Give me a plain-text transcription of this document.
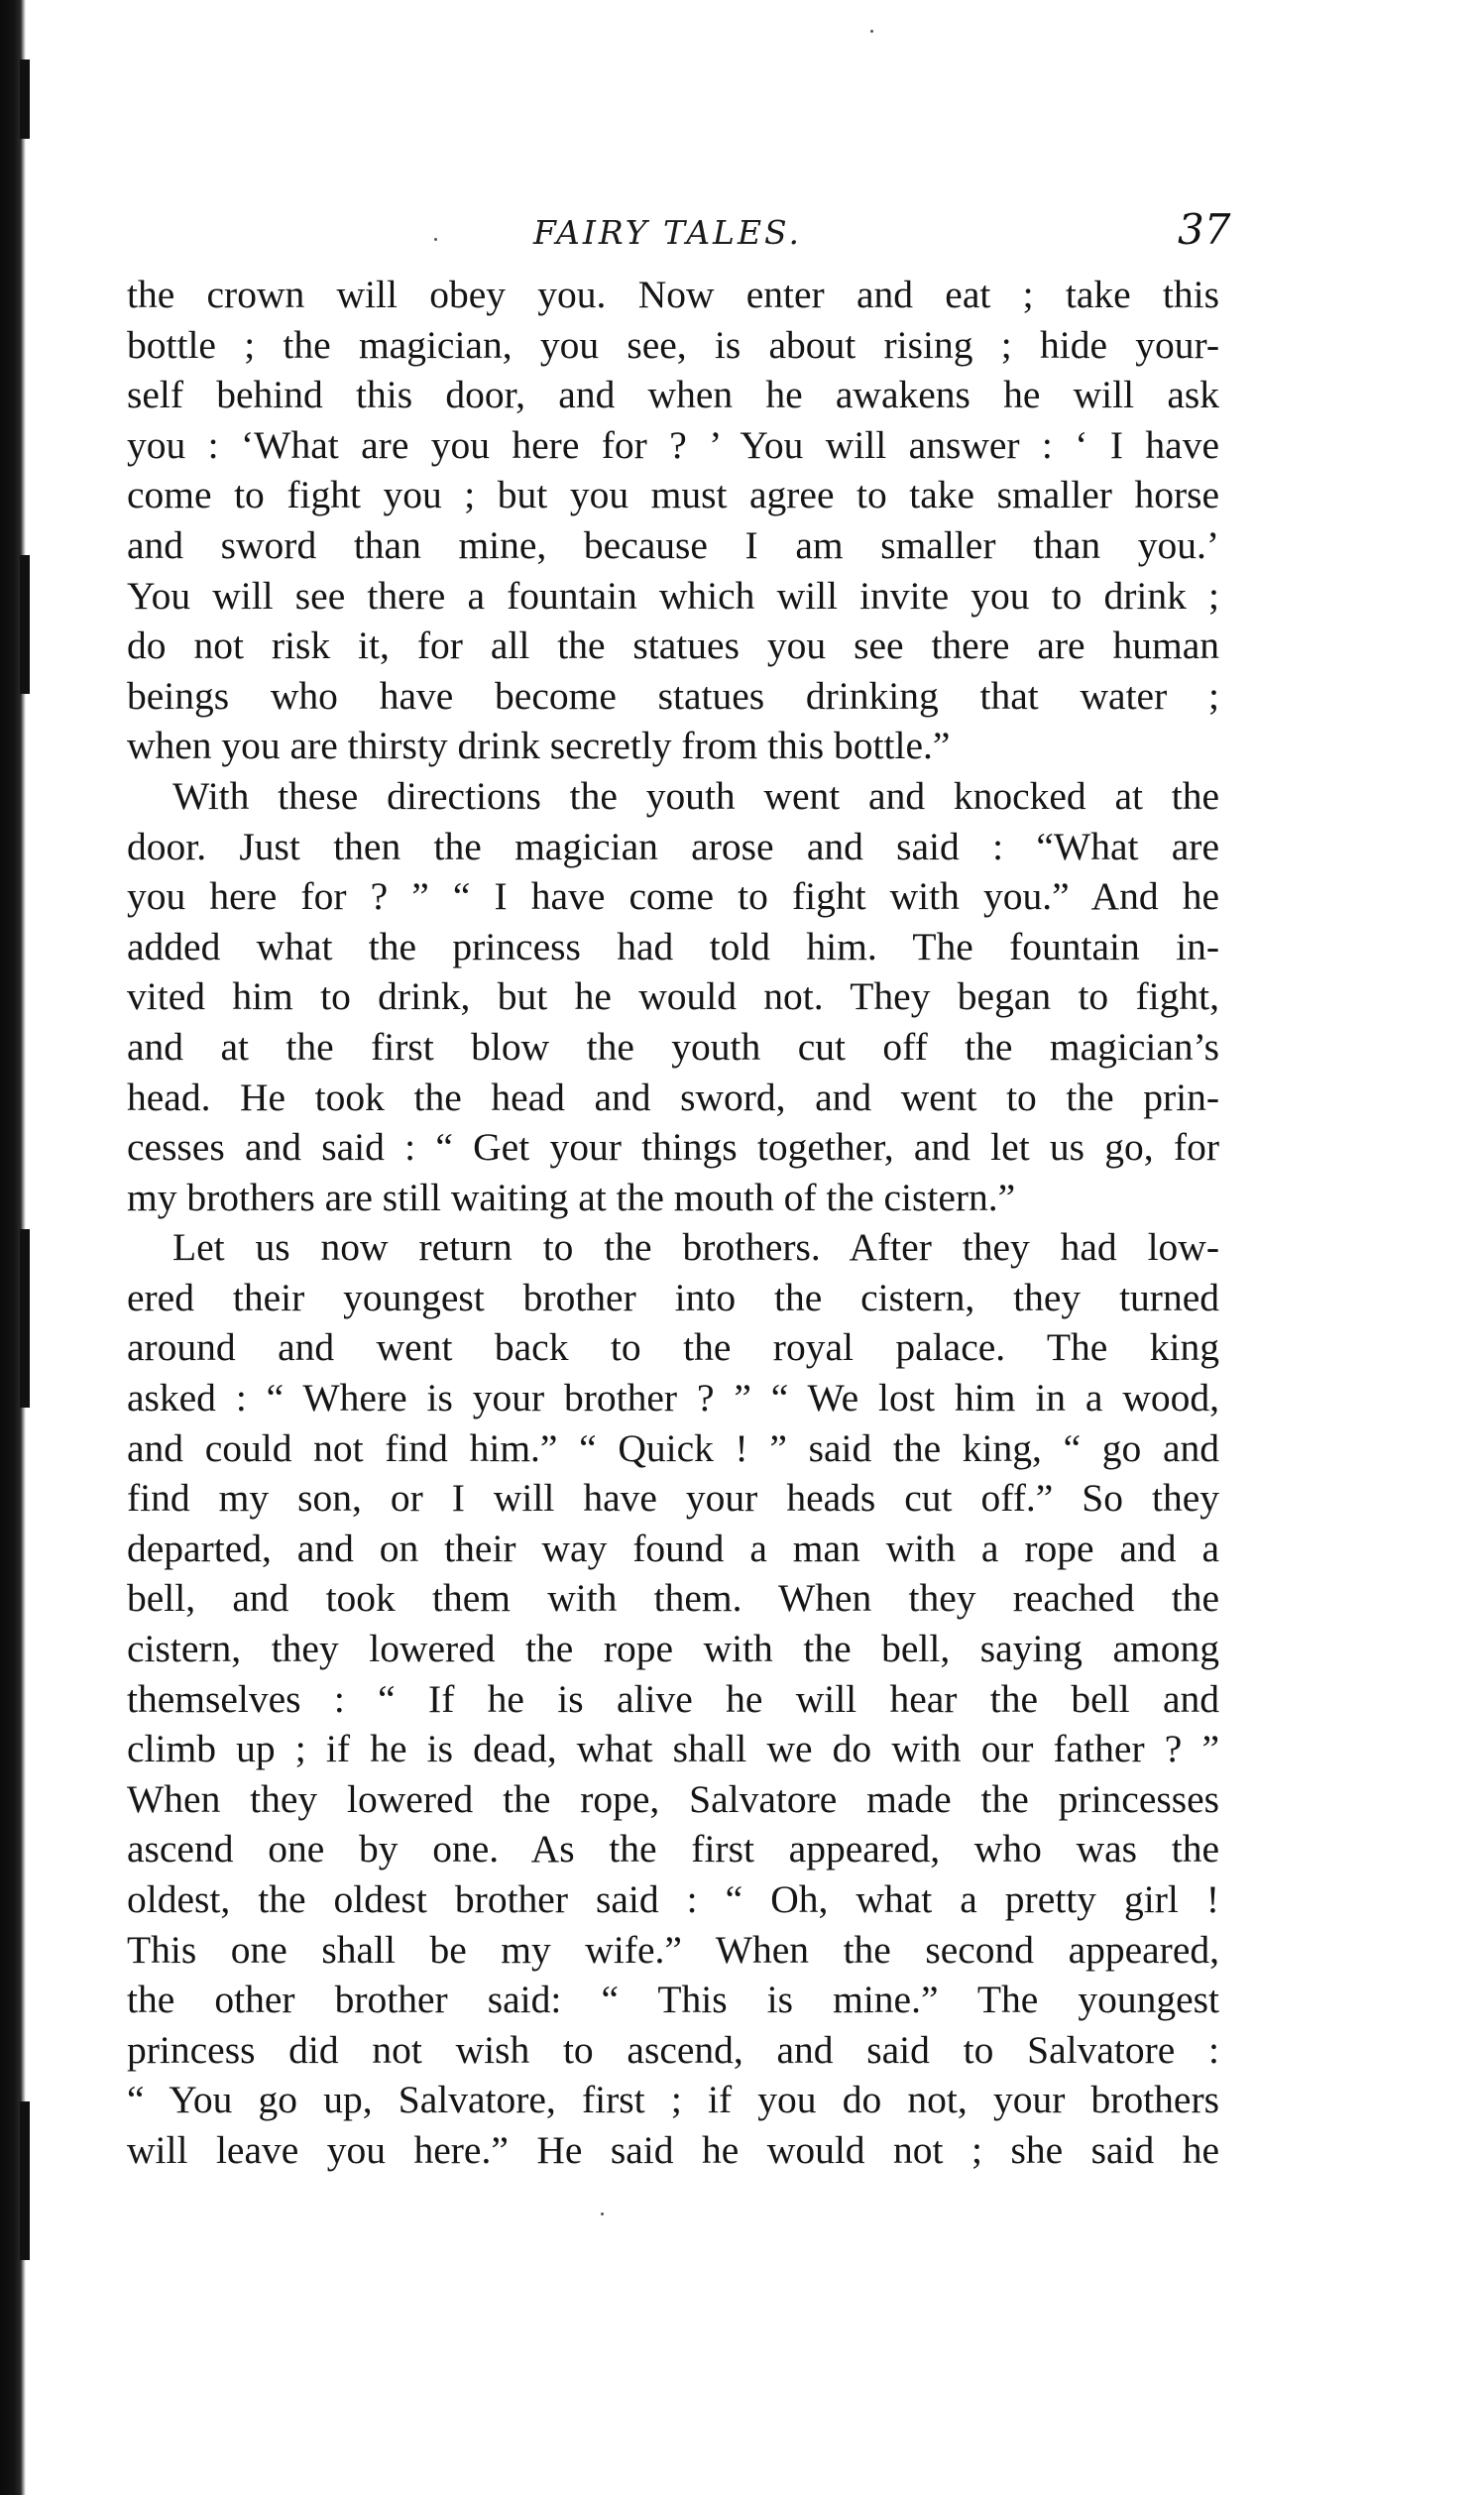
FAIRY TALES.	37
the crown will obey you. Now enter and eat ; take this
bottle ; the magician, you see, is about rising ; hide your-
self behind this door, and when he awakens he will ask
you : ‘What are you here for ? ’ You will answer : ‘ I have
come to fight you ; but you must agree to take smaller horse
and sword than mine, because I am smaller than you.’
You will see there a fountain which will invite you to drink ;
do not risk it, for all the statues you see there are human
beings who have become statues drinking that water ;
when you are thirsty drink secretly from this bottle.”
With these directions the youth went and knocked at the
door. Just then the magician arose and said : “What are
you here for ? ” “ I have come to fight with you.” And he
added what the princess had told him. The fountain in-
vited him to drink, but he would not. They began to fight,
and at the first blow the youth cut off the magician’s
head. He took the head and sword, and went to the prin-
cesses and said : “ Get your things together, and let us go, for
my brothers are still waiting at the mouth of the cistern.”
Let us now return to the brothers. After they had low-
ered their youngest brother into the cistern, they turned
around and went back to the royal palace. The king
asked : “ Where is your brother ? ” “ We lost him in a wood,
and could not find him.” “ Quick ! ” said the king, “ go and
find my son, or I will have your heads cut off.” So they
departed, and on their way found a man with a rope and a
bell, and took them with them. When they reached the
cistern, they lowered the rope with the bell, saying among
themselves : “ If he is alive he will hear the bell and
climb up ; if he is dead, what shall we do with our father ? ”
When they lowered the rope, Salvatore made the princesses
ascend one by one. As the first appeared, who was the
oldest, the oldest brother said : “ Oh, what a pretty girl !
This one shall be my wife.” When the second appeared,
the other brother said: “ This is mine.” The youngest
princess did not wish to ascend, and said to Salvatore :
“ You go up, Salvatore, first ; if you do not, your brothers
will leave you here.” He said he would not ; she said he
